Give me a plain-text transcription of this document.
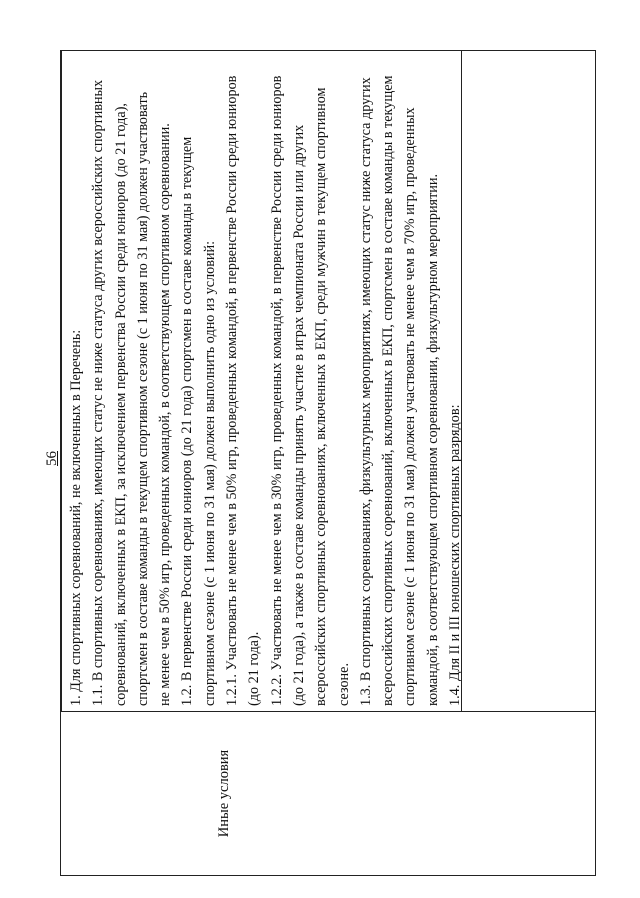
56
Иные условия
1. Для спортивных соревнований, не включенных в Перечень: 1.1. В спортивных соревнованиях, имеющих статус не ниже статуса других всероссийских спортивных соревнований, включенных в ЕКП, за исключением первенства России среди юниоров (до 21 года), спортсмен в составе команды в текущем спортивном сезоне (с 1 июня по 31 мая) должен участвовать не менее чем в 50% игр, проведенных командой, в соответствующем спортивном соревновании. 1.2. В первенстве России среди юниоров (до 21 года) спортсмен в составе команды в текущем спортивном сезоне (с 1 июня по 31 мая) должен выполнить одно из условий: 1.2.1. Участвовать не менее чем в 50% игр, проведенных командой, в первенстве России среди юниоров (до 21 года). 1.2.2. Участвовать не менее чем в 30% игр, проведенных командой, в первенстве России среди юниоров (до 21 года), а также в составе команды принять участие в играх чемпионата России или других всероссийских спортивных соревнованиях, включенных в ЕКП, среди мужчин в текущем спортивном сезоне. 1.3. В спортивных соревнованиях, физкультурных мероприятиях, имеющих статус ниже статуса других всероссийских спортивных соревнований, включенных в ЕКП, спортсмен в составе команды в текущем спортивном сезоне (с 1 июня по 31 мая) должен участвовать не менее чем в 70% игр, проведенных командой, в соответствующем спортивном соревновании, физкультурном мероприятии. 1.4. Для II и III юношеских спортивных разрядов:
